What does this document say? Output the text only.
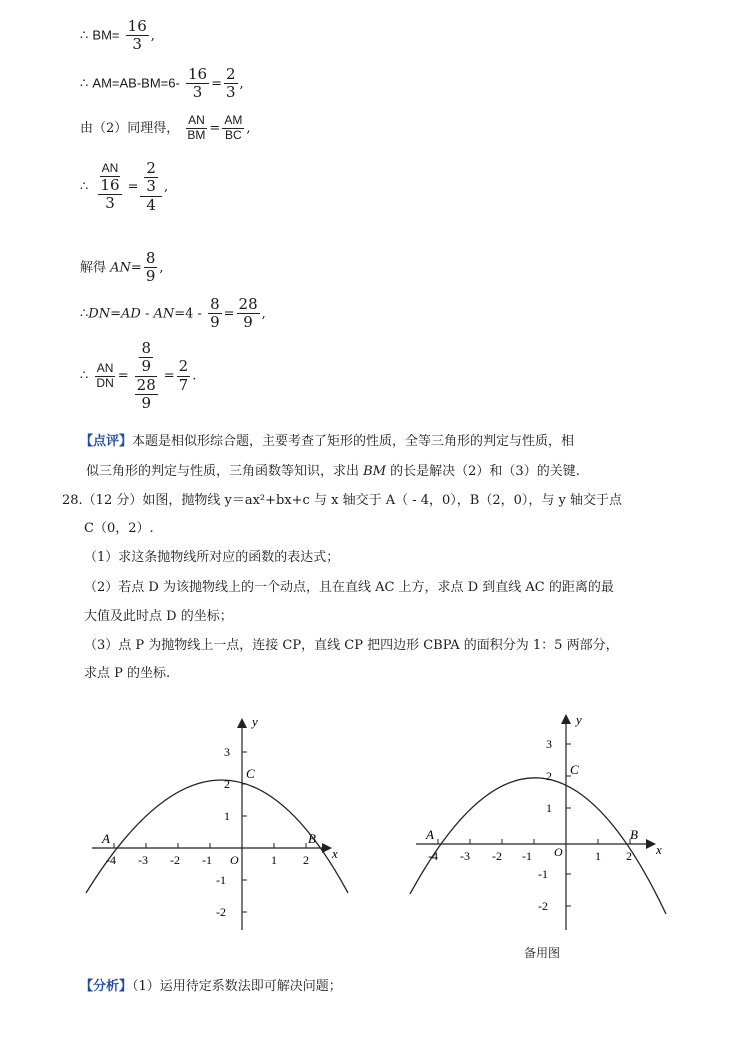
∴ $BM= \frac{16}{3}$ ,
∴ $AM=AB-BM=6- \frac{16}{3} = \frac{2}{3}$ ,
由（2）同理得， $\frac{AN}{BM} = \frac{AM}{BC}$ ,
∴ $\frac{AN}{\frac{16}{3}} = \frac{\frac{2}{3}}{4}$ ,
解得 $AN= \frac{8}{9}$ ,
∴DN=AD - $AN=4 - \frac{8}{9} = \frac{28}{9}$ ,
∴ $\frac{AN}{DN} = \frac{\frac{8}{9}}{\frac{28}{9}} = \frac{2}{7}$ .
【点评】本题是相似形综合题，主要考查了矩形的性质，全等三角形的判定与性质，相
似三角形的判定与性质，三角函数等知识，求出 BM 的长是解决（2）和（3）的关键.
28.（12 分）如图，抛物线 y＝ax²+bx+c 与 x 轴交于 A（ - 4，0），B（2，0），与 y 轴交于点
C（0，2）.
（1）求这条抛物线所对应的函数的表达式；
（2）若点 D 为该抛物线上的一个动点，且在直线 AC 上方，求点 D 到直线 AC 的距离的最
大值及此时点 D 的坐标；
（3）点 P 为抛物线上一点，连接 CP，直线 CP 把四边形 CBPA 的面积分为 1：5 两部分，
求点 P 的坐标.
x
y
O
A	B
C
-4 -3 -2 -1	1 2
3
2
1
-1
-2
x
y
O
A	B
C
-4 -3 -2 -1	1 2
3
2
1
-1
-2
备用图
【分析】（1）运用待定系数法即可解决问题；
